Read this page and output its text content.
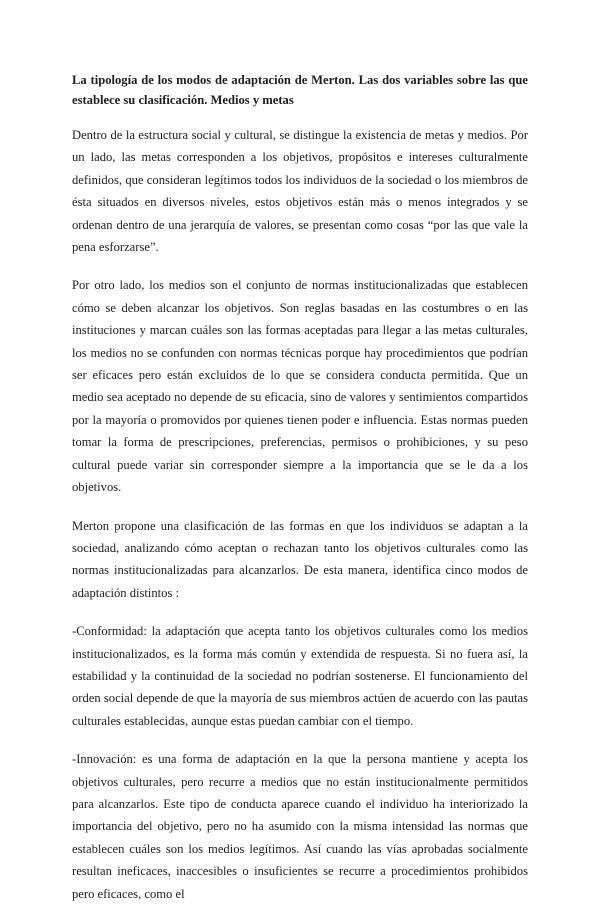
La tipología de los modos de adaptación de Merton. Las dos variables sobre las que establece su clasificación. Medios y metas

Dentro de la estructura social y cultural, se distingue la existencia de metas y medios. Por un lado, las metas corresponden a los objetivos, propósitos e intereses culturalmente definidos, que consideran legítimos todos los individuos de la sociedad o los miembros de ésta situados en diversos niveles, estos objetivos están más o menos integrados y se ordenan dentro de una jerarquía de valores, se presentan como cosas “por las que vale la pena esforzarse”.

Por otro lado, los medios son el conjunto de normas institucionalizadas que establecen cómo se deben alcanzar los objetivos. Son reglas basadas en las costumbres o en las instituciones y marcan cuáles son las formas aceptadas para llegar a las metas culturales, los medios no se confunden con normas técnicas porque hay procedimientos que podrían ser eficaces pero están excluidos de lo que se considera conducta permitida. Que un medio sea aceptado no depende de su eficacia, sino de valores y sentimientos compartidos por la mayoría o promovidos por quienes tienen poder e influencia. Estas normas pueden tomar la forma de prescripciones, preferencias, permisos o prohibiciones, y su peso cultural puede variar sin corresponder siempre a la importancia que se le da a los objetivos.

Merton propone una clasificación de las formas en que los individuos se adaptan a la sociedad, analizando cómo aceptan o rechazan tanto los objetivos culturales como las normas institucionalizadas para alcanzarlos. De esta manera, identifica cinco modos de adaptación distintos :

-Conformidad: la adaptación que acepta tanto los objetivos culturales como los medios institucionalizados, es la forma más común y extendida de respuesta. Si no fuera así, la estabilidad y la continuidad de la sociedad no podrían sostenerse. El funcionamiento del orden social depende de que la mayoría de sus miembros actúen de acuerdo con las pautas culturales establecidas, aunque estas puedan cambiar con el tiempo.

-Innovación: es una forma de adaptación en la que la persona mantiene y acepta los objetivos culturales, pero recurre a medios que no están institucionalmente permitidos para alcanzarlos. Este tipo de conducta aparece cuando el individuo ha interiorizado la importancia del objetivo, pero no ha asumido con la misma intensidad las normas que establecen cuáles son los medios legítimos. Así cuando las vías aprobadas socialmente resultan ineficaces, inaccesibles o insuficientes se recurre a procedimientos prohibidos pero eficaces, como el
